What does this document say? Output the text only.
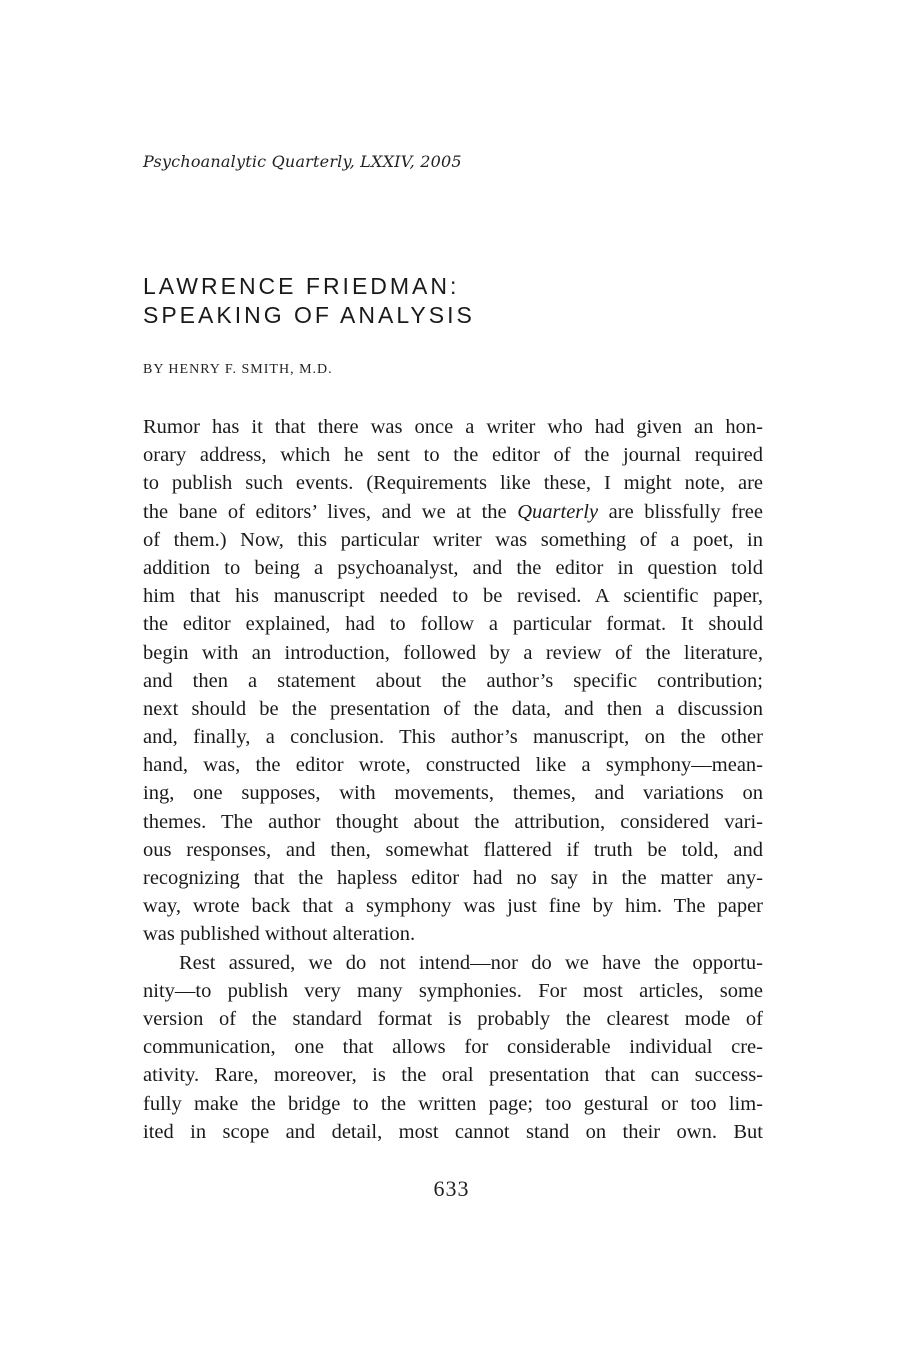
Psychoanalytic Quarterly, LXXIV, 2005
LAWRENCE FRIEDMAN:
SPEAKING OF ANALYSIS
BY HENRY F. SMITH, M.D.
Rumor has it that there was once a writer who had given an hon-
orary address, which he sent to the editor of the journal required
to publish such events. (Requirements like these, I might note, are
the bane of editors’ lives, and we at the Quarterly are blissfully free
of them.) Now, this particular writer was something of a poet, in
addition to being a psychoanalyst, and the editor in question told
him that his manuscript needed to be revised. A scientific paper,
the editor explained, had to follow a particular format. It should
begin with an introduction, followed by a review of the literature,
and then a statement about the author’s specific contribution;
next should be the presentation of the data, and then a discussion
and, finally, a conclusion. This author’s manuscript, on the other
hand, was, the editor wrote, constructed like a symphony—mean-
ing, one supposes, with movements, themes, and variations on
themes. The author thought about the attribution, considered vari-
ous responses, and then, somewhat flattered if truth be told, and
recognizing that the hapless editor had no say in the matter any-
way, wrote back that a symphony was just fine by him. The paper
was published without alteration.
Rest assured, we do not intend—nor do we have the opportu-
nity—to publish very many symphonies. For most articles, some
version of the standard format is probably the clearest mode of
communication, one that allows for considerable individual cre-
ativity. Rare, moreover, is the oral presentation that can success-
fully make the bridge to the written page; too gestural or too lim-
ited in scope and detail, most cannot stand on their own. But
633
